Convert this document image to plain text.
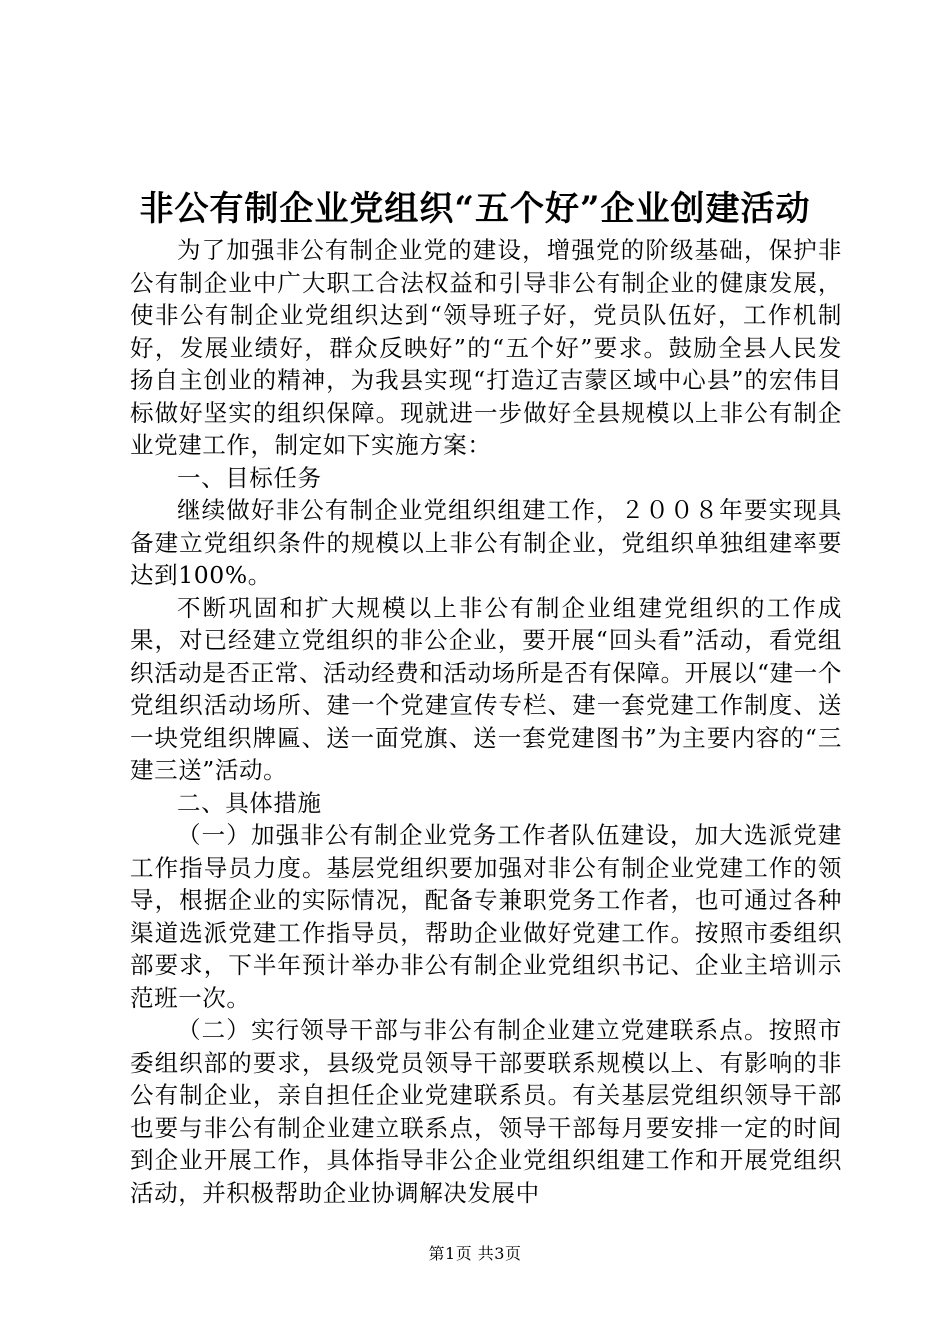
非公有制企业党组织“五个好”企业创建活动

为了加强非公有制企业党的建设，增强党的阶级基础，保护非公有制企业中广大职工合法权益和引导非公有制企业的健康发展，使非公有制企业党组织达到“领导班子好，党员队伍好，工作机制好，发展业绩好，群众反映好”的“五个好”要求。鼓励全县人民发扬自主创业的精神，为我县实现“打造辽吉蒙区域中心县”的宏伟目标做好坚实的组织保障。现就进一步做好全县规模以上非公有制企业党建工作，制定如下实施方案：

一、目标任务

继续做好非公有制企业党组织组建工作，２００８年要实现具备建立党组织条件的规模以上非公有制企业，党组织单独组建率要达到100%。

不断巩固和扩大规模以上非公有制企业组建党组织的工作成果，对已经建立党组织的非公企业，要开展“回头看”活动，看党组织活动是否正常、活动经费和活动场所是否有保障。开展以“建一个党组织活动场所、建一个党建宣传专栏、建一套党建工作制度、送一块党组织牌匾、送一面党旗、送一套党建图书”为主要内容的“三建三送”活动。

二、具体措施

（一）加强非公有制企业党务工作者队伍建设，加大选派党建工作指导员力度。基层党组织要加强对非公有制企业党建工作的领导，根据企业的实际情况，配备专兼职党务工作者，也可通过各种渠道选派党建工作指导员，帮助企业做好党建工作。按照市委组织部要求，下半年预计举办非公有制企业党组织书记、企业主培训示范班一次。

（二）实行领导干部与非公有制企业建立党建联系点。按照市委组织部的要求，县级党员领导干部要联系规模以上、有影响的非公有制企业，亲自担任企业党建联系员。有关基层党组织领导干部也要与非公有制企业建立联系点，领导干部每月要安排一定的时间到企业开展工作，具体指导非公企业党组织组建工作和开展党组织活动，并积极帮助企业协调解决发展中

第1页 共3页
